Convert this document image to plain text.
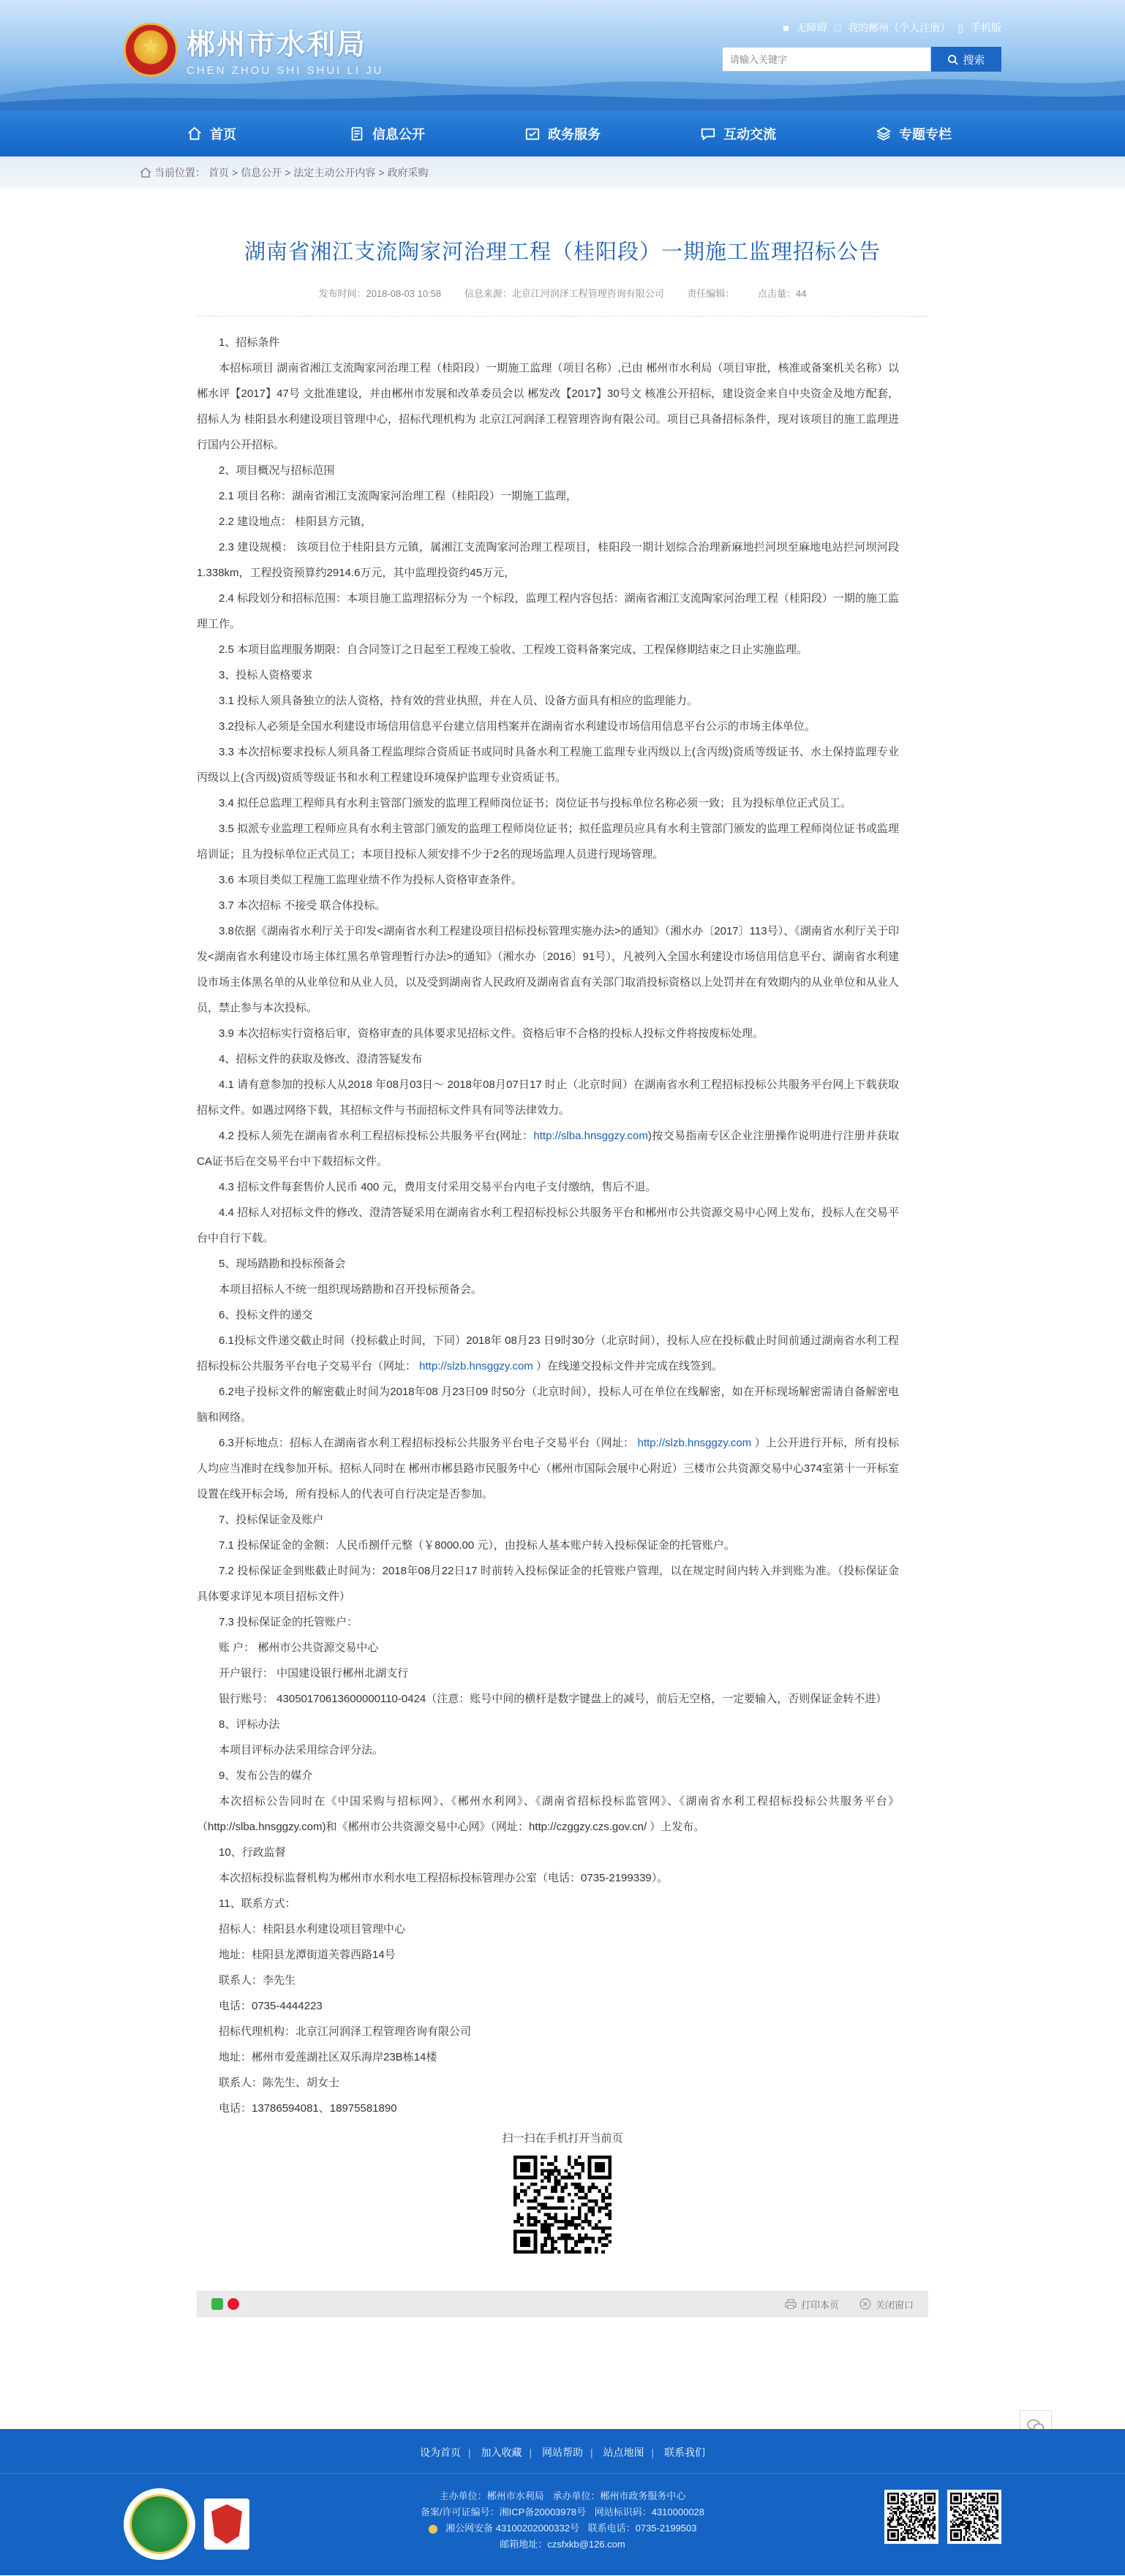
郴州市水利局
CHEN ZHOU SHI SHUI LI JU
■ 无障碍 □ 我的郴州（个人注册） ▯ 手机版
请输入关键字
搜索
首页	信息公开	政务服务	互动交流	专题专栏
当前位置： 首页 > 信息公开 > 法定主动公开内容 > 政府采购
湖南省湘江支流陶家河治理工程（桂阳段）一期施工监理招标公告
发布时间：2018-08-03 10:58 信息来源：北京江河润泽工程管理咨询有限公司 责任编辑： 点击量：44

1、招标条件

本招标项目 湖南省湘江支流陶家河治理工程（桂阳段）一期施工监理（项目名称）,已由 郴州市水利局（项目审批，核准或备案机关名称）以郴水评【2017】47号 文批准建设，并由郴州市发展和改革委员会以 郴发改【2017】30号文 核准公开招标，建设资金来自中央资金及地方配套，招标人为 桂阳县水利建设项目管理中心，招标代理机构为 北京江河润泽工程管理咨询有限公司。项目已具备招标条件，现对该项目的施工监理进行国内公开招标。

2、项目概况与招标范围

2.1 项目名称：湖南省湘江支流陶家河治理工程（桂阳段）一期施工监理，

2.2 建设地点： 桂阳县方元镇，

2.3 建设规模： 该项目位于桂阳县方元镇，属湘江支流陶家河治理工程项目，桂阳段一期计划综合治理新麻地拦河坝至麻地电站拦河坝河段1.338km，工程投资预算约2914.6万元，其中监理投资约45万元，

2.4 标段划分和招标范围：本项目施工监理招标分为 一个标段，监理工程内容包括：湖南省湘江支流陶家河治理工程（桂阳段）一期的施工监理工作。

2.5 本项目监理服务期限：自合同签订之日起至工程竣工验收、工程竣工资料备案完成、工程保修期结束之日止实施监理。

3、投标人资格要求

3.1 投标人须具备独立的法人资格，持有效的营业执照，并在人员、设备方面具有相应的监理能力。

3.2投标人必须是全国水利建设市场信用信息平台建立信用档案并在湖南省水利建设市场信用信息平台公示的市场主体单位。

3.3 本次招标要求投标人须具备工程监理综合资质证书或同时具备水利工程施工监理专业丙级以上(含丙级)资质等级证书、水土保持监理专业丙级以上(含丙级)资质等级证书和水利工程建设环境保护监理专业资质证书。

3.4 拟任总监理工程师具有水利主管部门颁发的监理工程师岗位证书；岗位证书与投标单位名称必须一致；且为投标单位正式员工。

3.5 拟派专业监理工程师应具有水利主管部门颁发的监理工程师岗位证书；拟任监理员应具有水利主管部门颁发的监理工程师岗位证书或监理培训证；且为投标单位正式员工；本项目投标人须安排不少于2名的现场监理人员进行现场管理。

3.6 本项目类似工程施工监理业绩不作为投标人资格审查条件。

3.7 本次招标 不接受 联合体投标。

3.8依据《湖南省水利厅关于印发<湖南省水利工程建设项目招标投标管理实施办法>的通知》（湘水办〔2017〕113号）、《湖南省水利厅关于印发<湖南省水利建设市场主体红黑名单管理暂行办法>的通知》（湘水办〔2016〕91号），凡被列入全国水利建设市场信用信息平台、湖南省水利建设市场主体黑名单的从业单位和从业人员，以及受到湖南省人民政府及湖南省直有关部门取消投标资格以上处罚并在有效期内的从业单位和从业人员，禁止参与本次投标。

3.9 本次招标实行资格后审，资格审查的具体要求见招标文件。资格后审不合格的投标人投标文件将按废标处理。

4、招标文件的获取及修改、澄清答疑发布

4.1 请有意参加的投标人从2018 年08月03日～ 2018年08月07日17 时止（北京时间）在湖南省水利工程招标投标公共服务平台网上下载获取招标文件。如遇过网络下载，其招标文件与书面招标文件具有同等法律效力。

4.2 投标人须先在湖南省水利工程招标投标公共服务平台(网址：http://slba.hnsggzy.com)按交易指南专区企业注册操作说明进行注册并获取CA证书后在交易平台中下载招标文件。

4.3 招标文件每套售价人民币 400 元，费用支付采用交易平台内电子支付缴纳，售后不退。

4.4 招标人对招标文件的修改、澄清答疑采用在湖南省水利工程招标投标公共服务平台和郴州市公共资源交易中心网上发布，投标人在交易平台中自行下载。

5、现场踏勘和投标预备会

本项目招标人不统一组织现场踏勘和召开投标预备会。

6、投标文件的递交

6.1投标文件递交截止时间（投标截止时间，下同）2018年 08月23 日9时30分（北京时间），投标人应在投标截止时间前通过湖南省水利工程招标投标公共服务平台电子交易平台（网址： http://slzb.hnsggzy.com ）在线递交投标文件并完成在线签到。

6.2电子投标文件的解密截止时间为2018年08 月23日09 时50分（北京时间），投标人可在单位在线解密，如在开标现场解密需请自备解密电脑和网络。

6.3开标地点：招标人在湖南省水利工程招标投标公共服务平台电子交易平台（网址： http://slzb.hnsggzy.com ）上公开进行开标，所有投标人均应当准时在线参加开标。招标人同时在 郴州市郴县路市民服务中心（郴州市国际会展中心附近）三楼市公共资源交易中心374室第十一开标室设置在线开标会场，所有投标人的代表可自行决定是否参加。

7、投标保证金及账户

7.1 投标保证金的金额：人民币捌仟元整（￥8000.00 元），由投标人基本账户转入投标保证金的托管账户。

7.2 投标保证金到账截止时间为：2018年08月22日17 时前转入投标保证金的托管账户管理，以在规定时间内转入并到账为准。（投标保证金具体要求详见本项目招标文件）

7.3 投标保证金的托管账户：

账 户： 郴州市公共资源交易中心

开户银行： 中国建设银行郴州北湖支行

银行账号： 43050170613600000110-0424（注意：账号中间的横杆是数字键盘上的减号，前后无空格，一定要输入，否则保证金转不进）

8、评标办法

本项目评标办法采用综合评分法。

9、发布公告的媒介

本次招标公告同时在《中国采购与招标网》、《郴州水利网》、《湖南省招标投标监管网》、《湖南省水利工程招标投标公共服务平台》（http://slba.hnsggzy.com)和《郴州市公共资源交易中心网》（网址：http://czggzy.czs.gov.cn/ ）上发布。

10、行政监督

本次招标投标监督机构为郴州市水利水电工程招标投标管理办公室（电话：0735-2199339）。

11、联系方式：

招标人：桂阳县水利建设项目管理中心

地址：桂阳县龙潭街道芙蓉西路14号

联系人：李先生

电话：0735-4444223

招标代理机构：北京江河润泽工程管理咨询有限公司

地址：郴州市爱莲湖社区双乐海岸23B栋14楼

联系人：陈先生、胡女士

电话：13786594081、18975581890

扫一扫在手机打开当前页
打印本页	关闭窗口
设为首页 | 加入收藏 | 网站帮助 | 站点地图 | 联系我们
主办单位：郴州市水利局 承办单位：郴州市政务服务中心
备案/许可证编号：湘ICP备20003978号 网站标识码：4310000028
湘公网安备 43100202000332号 联系电话：0735-2199503
邮箱地址：czsfxkb@126.com
